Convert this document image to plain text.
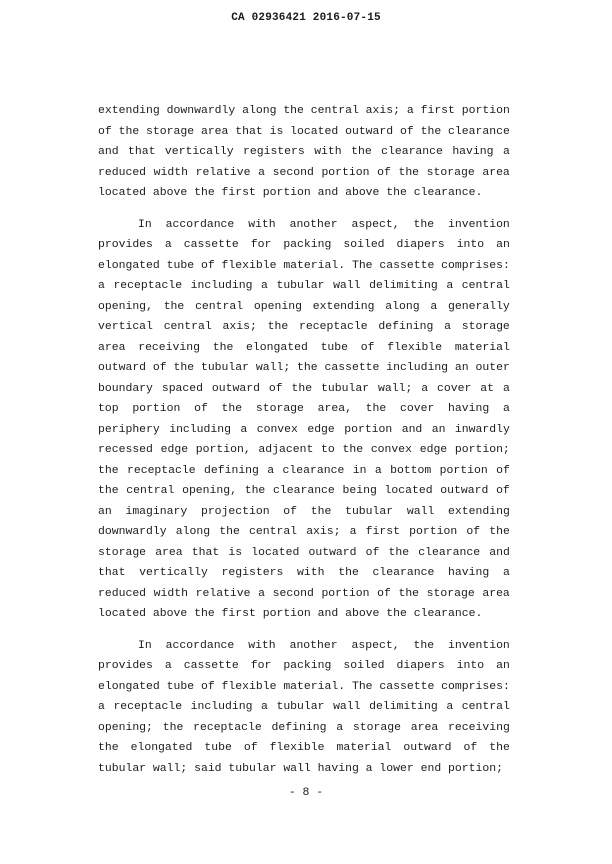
CA 02936421 2016-07-15
extending downwardly along the central axis; a first portion
of the storage area that is located outward of the clearance
and that vertically registers with the clearance having a
reduced width relative a second portion of the storage area
located above the first portion and above the clearance.
In accordance with another aspect, the invention
provides a cassette for packing soiled diapers into an
elongated tube of flexible material. The cassette comprises:
a receptacle including a tubular wall delimiting a central
opening, the central opening extending along a generally
vertical central axis; the receptacle defining a storage
area receiving the elongated tube of flexible material
outward of the tubular wall; the cassette including an outer
boundary spaced outward of the tubular wall; a cover at a
top portion of the storage area, the cover having a
periphery including a convex edge portion and an inwardly
recessed edge portion, adjacent to the convex edge portion;
the receptacle defining a clearance in a bottom portion of
the central opening, the clearance being located outward of
an imaginary projection of the tubular wall extending
downwardly along the central axis; a first portion of the
storage area that is located outward of the clearance and
that vertically registers with the clearance having a
reduced width relative a second portion of the storage area
located above the first portion and above the clearance.
In accordance with another aspect, the invention
provides a cassette for packing soiled diapers into an
elongated tube of flexible material. The cassette comprises:
a receptacle including a tubular wall delimiting a central
opening; the receptacle defining a storage area receiving
the elongated tube of flexible material outward of the
tubular wall; said tubular wall having a lower end portion;
- 8 -
